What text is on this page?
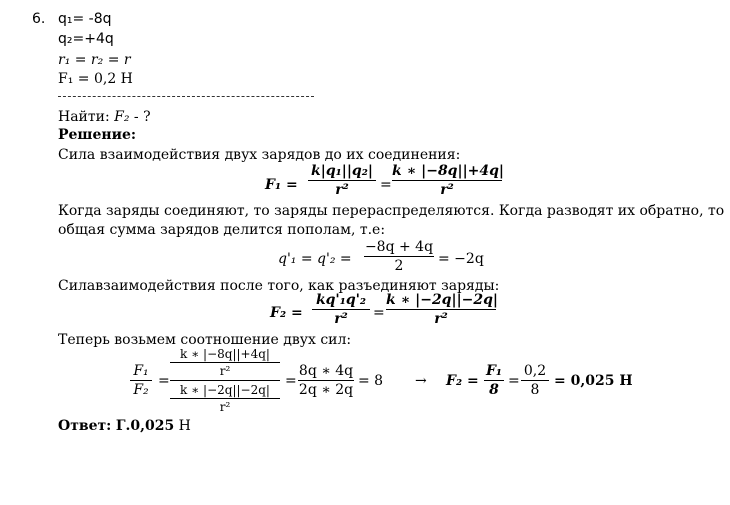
6. q₁= -8q
q₂=+4q
r₁ = r₂ = r
F₁ = 0,2 Н
Найти: F₂ - ?
Решение:
Сила взаимодействия двух зарядов до их соединения:
F₁ =
k|q₁||q₂|
r²	=
k ∗ |−8q||+4q|
r²
Когда заряды соединяют, то заряды перераспределяются. Когда разводят их обратно, то
общая сумма зарядов делится пополам, т.е:
q'₁ = q'₂ =
−8q + 4q
2	= −2q
Силавзаимодействия после того, как разъединяют заряды:
F₂ =
kq'₁q'₂
r²	=
k ∗ |−2q||−2q|
r²
Теперь возьмем соотношение двух сил:
F₁
F₂
=
k ∗ |−8q||+4q|
r²
k ∗ |−2q||−2q|
r²
=
8q ∗ 4q
2q ∗ 2q
= 8 → F₂ =
F₁
8
=
0,2
8
= 0,025 Н
Ответ: Г.0,025 Н
